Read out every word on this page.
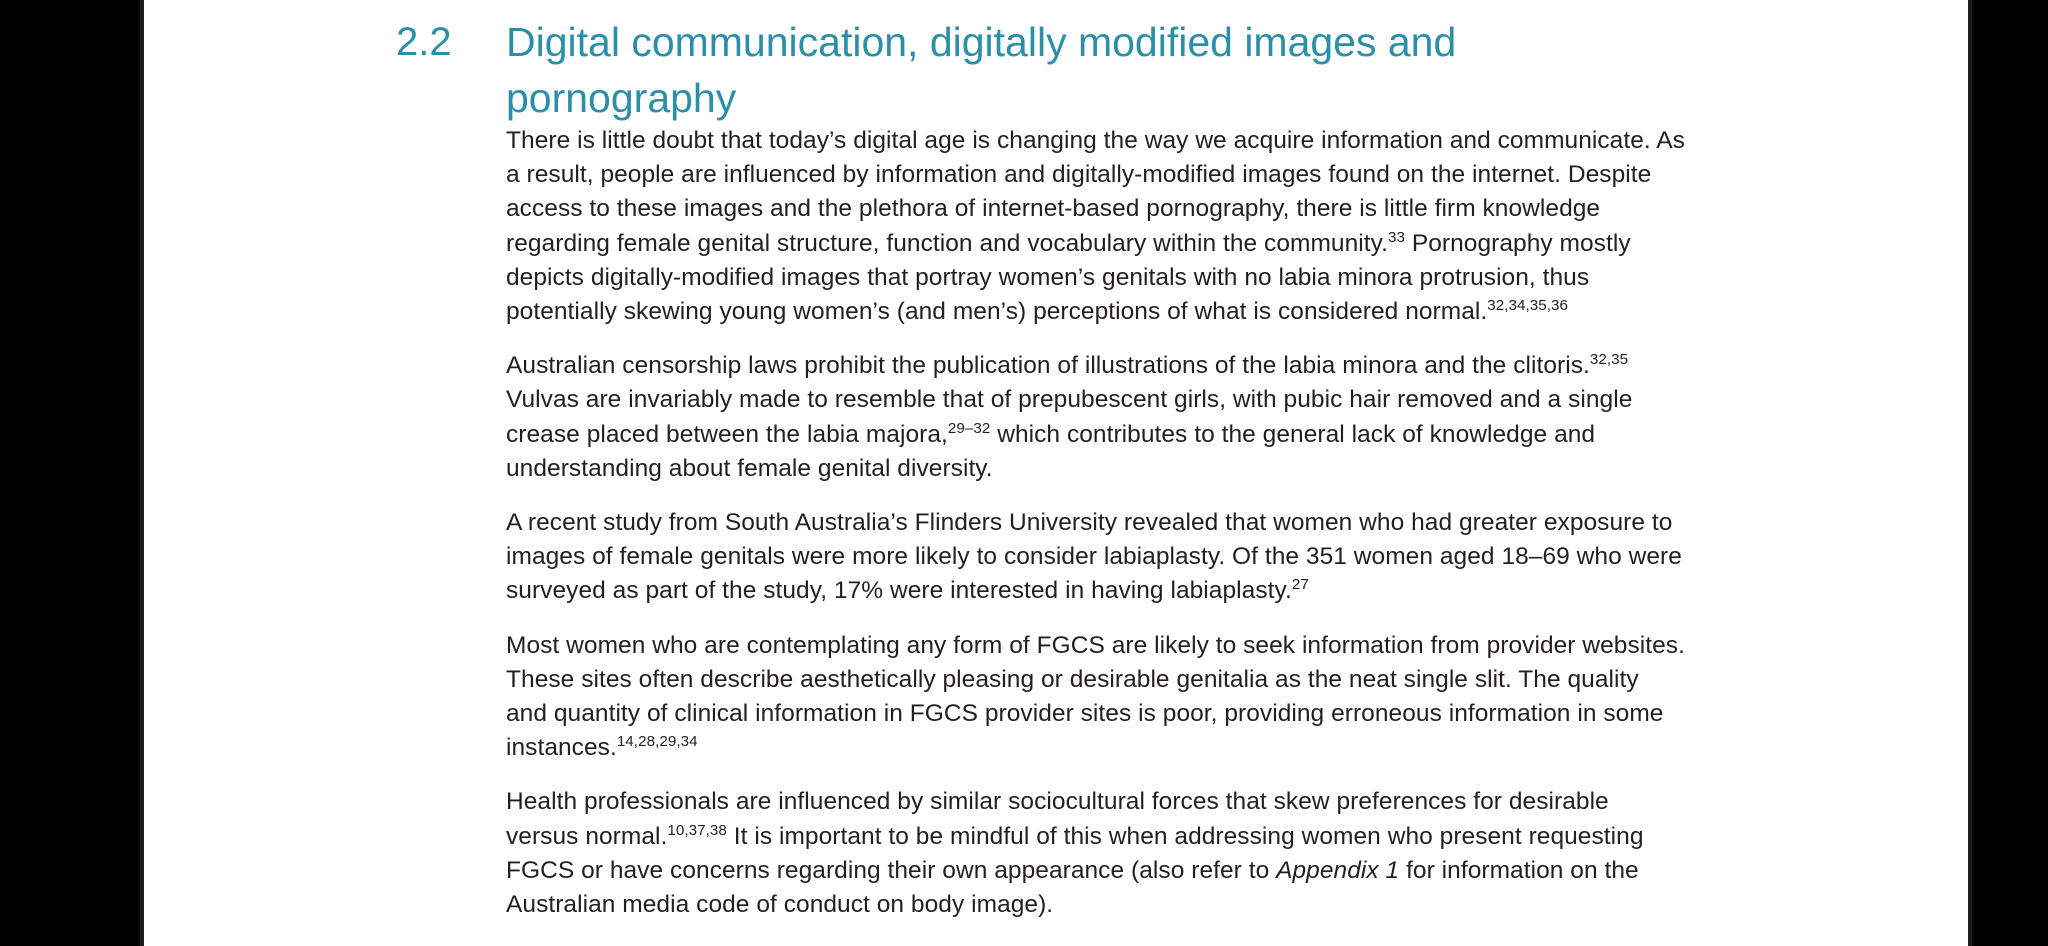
2.2	Digital communication, digitally modified images and pornography

There is little doubt that today’s digital age is changing the way we acquire information and communicate. As a result, people are influenced by information and digitally-modified images found on the internet. Despite access to these images and the plethora of internet-based pornography, there is little firm knowledge regarding female genital structure, function and vocabulary within the community.$^{33}$ Pornography mostly depicts digitally-modified images that portray women’s genitals with no labia minora protrusion, thus potentially skewing young women’s (and men’s) perceptions of what is considered normal.$^{32,34,35,36}$

Australian censorship laws prohibit the publication of illustrations of the labia minora and the clitoris.$^{32,35}$ Vulvas are invariably made to resemble that of prepubescent girls, with pubic hair removed and a single crease placed between the labia majora,$^{29-32}$ which contributes to the general lack of knowledge and understanding about female genital diversity.

A recent study from South Australia’s Flinders University revealed that women who had greater exposure to images of female genitals were more likely to consider labiaplasty. Of the 351 women aged 18–69 who were surveyed as part of the study, 17% were interested in having labiaplasty.$^{27}$

Most women who are contemplating any form of FGCS are likely to seek information from provider websites. These sites often describe aesthetically pleasing or desirable genitalia as the neat single slit. The quality and quantity of clinical information in FGCS provider sites is poor, providing erroneous information in some instances.$^{14,28,29,34}$

Health professionals are influenced by similar sociocultural forces that skew preferences for desirable versus normal.$^{10,37,38}$ It is important to be mindful of this when addressing women who present requesting FGCS or have concerns regarding their own appearance (also refer to Appendix 1 for information on the Australian media code of conduct on body image).
